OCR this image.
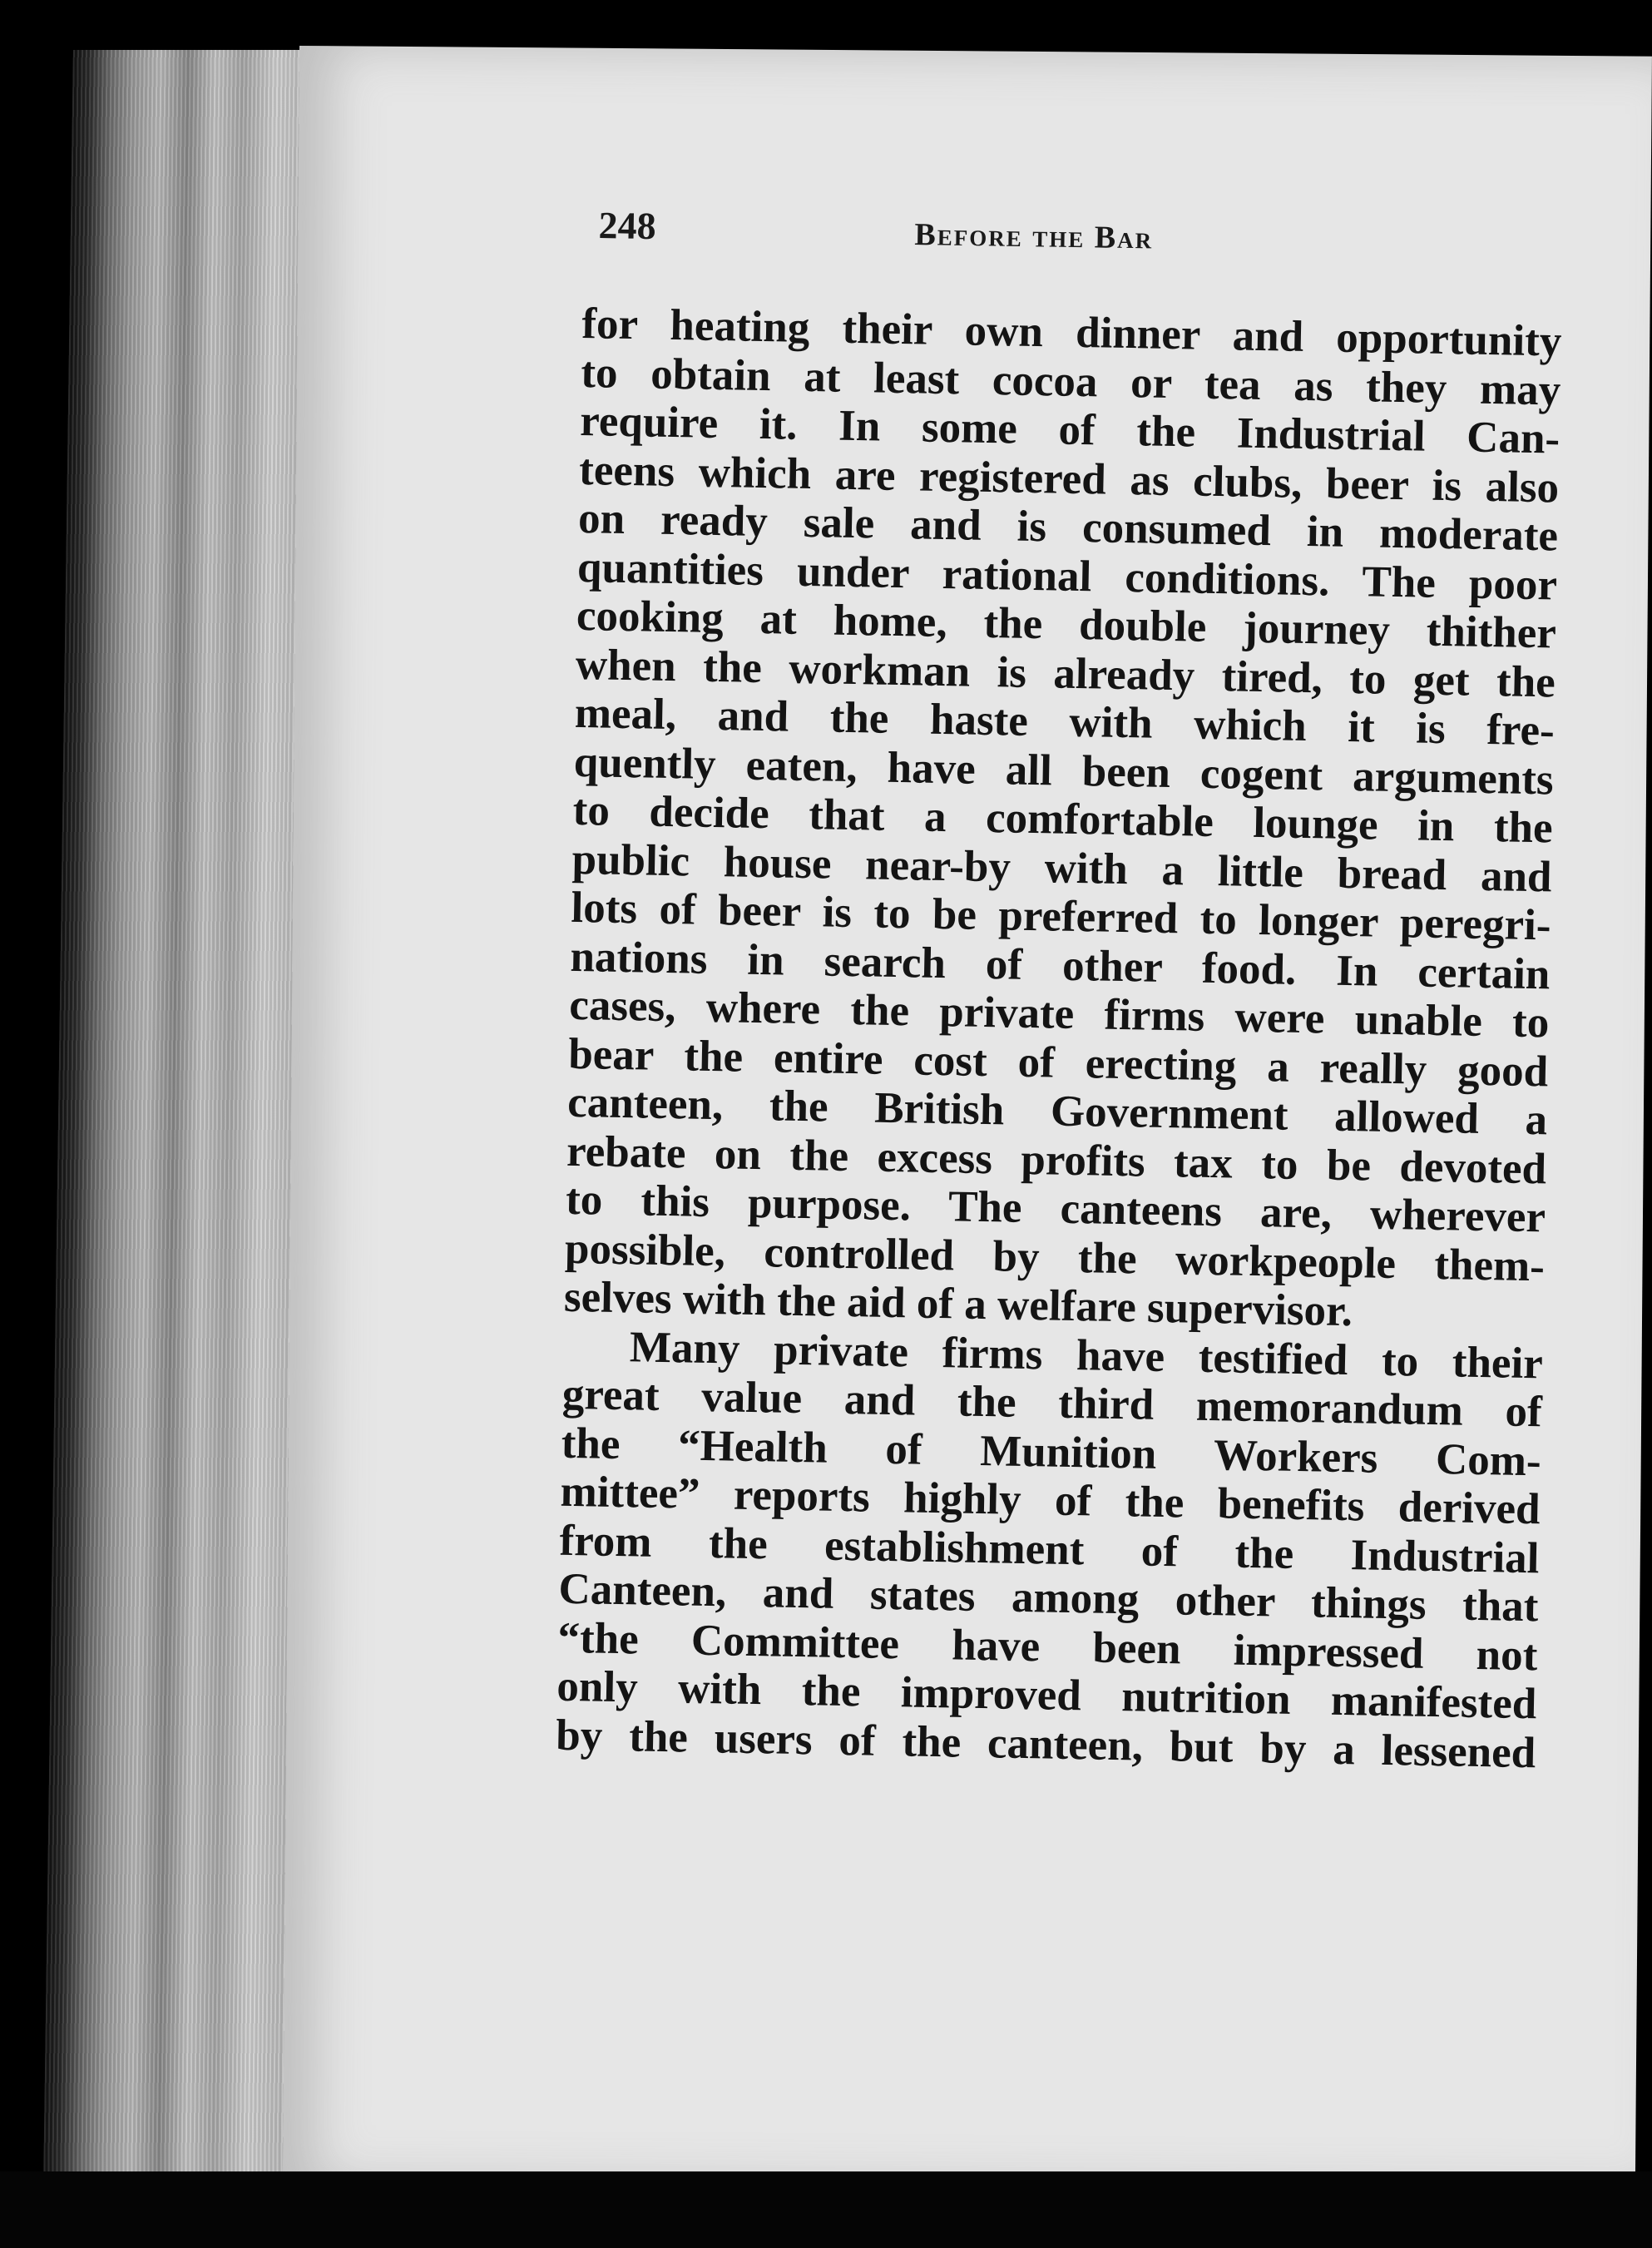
248	Before the Bar
for heating their own dinner and opportunity
to obtain at least cocoa or tea as they may
require it. In some of the Industrial Can-
teens which are registered as clubs, beer is also
on ready sale and is consumed in moderate
quantities under rational conditions. The poor
cooking at home, the double journey thither
when the workman is already tired, to get the
meal, and the haste with which it is fre-
quently eaten, have all been cogent arguments
to decide that a comfortable lounge in the
public house near-by with a little bread and
lots of beer is to be preferred to longer peregri-
nations in search of other food. In certain
cases, where the private firms were unable to
bear the entire cost of erecting a really good
canteen, the British Government allowed a
rebate on the excess profits tax to be devoted
to this purpose. The canteens are, wherever
possible, controlled by the workpeople them-
selves with the aid of a welfare supervisor.
Many private firms have testified to their
great value and the third memorandum of
the “Health of Munition Workers Com-
mittee” reports highly of the benefits derived
from the establishment of the Industrial
Canteen, and states among other things that
“the Committee have been impressed not
only with the improved nutrition manifested
by the users of the canteen, but by a lessened
